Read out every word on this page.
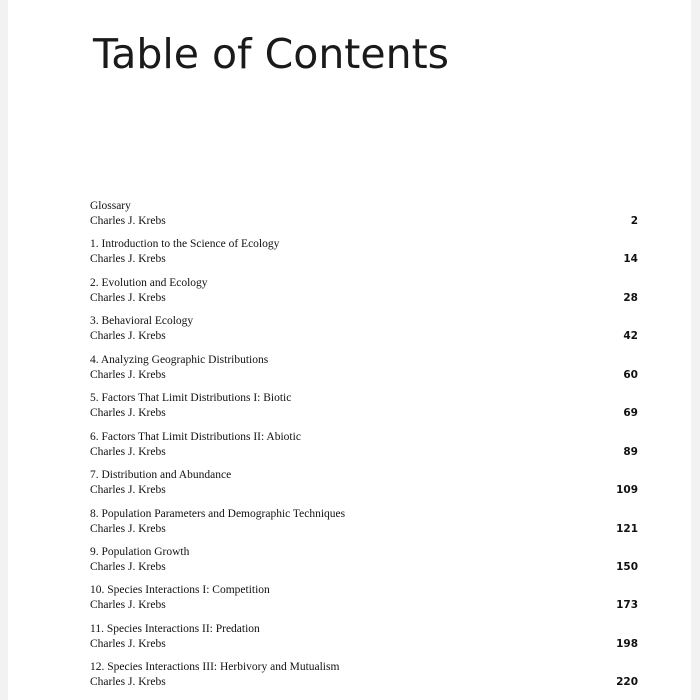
Table of Contents
Glossary
Charles J. Krebs	2
1. Introduction to the Science of Ecology
Charles J. Krebs	14
2. Evolution and Ecology
Charles J. Krebs	28
3. Behavioral Ecology
Charles J. Krebs	42
4. Analyzing Geographic Distributions
Charles J. Krebs	60
5. Factors That Limit Distributions I: Biotic
Charles J. Krebs	69
6. Factors That Limit Distributions II: Abiotic
Charles J. Krebs	89
7. Distribution and Abundance
Charles J. Krebs	109
8. Population Parameters and Demographic Techniques
Charles J. Krebs	121
9. Population Growth
Charles J. Krebs	150
10. Species Interactions I: Competition
Charles J. Krebs	173
11. Species Interactions II: Predation
Charles J. Krebs	198
12. Species Interactions III: Herbivory and Mutualism
Charles J. Krebs	220
